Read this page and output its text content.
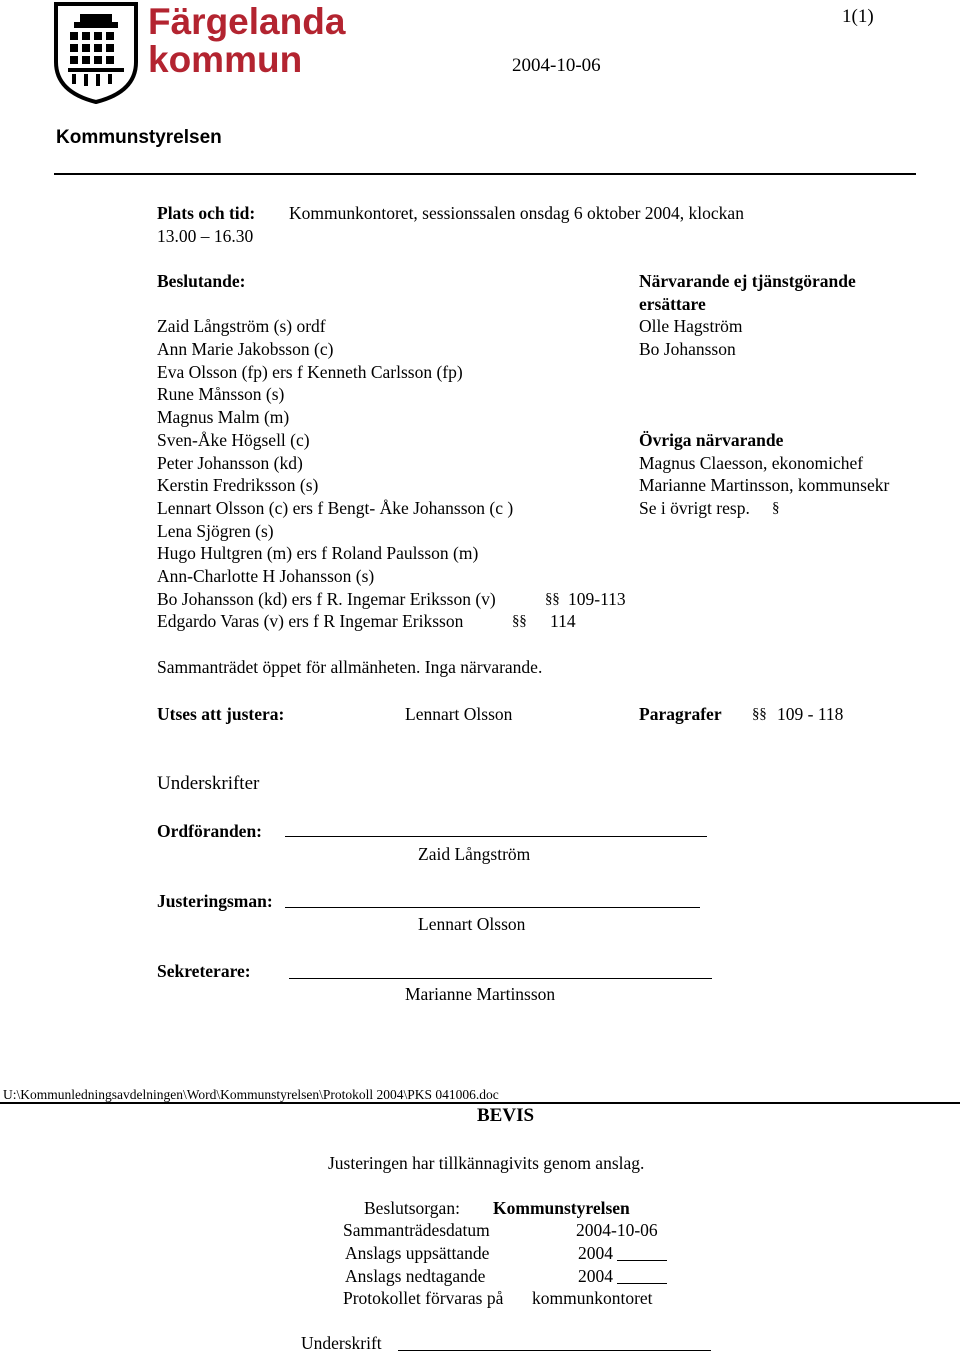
Färgelanda
kommun
1(1)
2004-10-06
Kommunstyrelsen
Plats och tid: Kommunkontoret, sessionssalen onsdag 6 oktober 2004, klockan
13.00 – 16.30
Beslutande:
Zaid Långström (s) ordf
Ann Marie Jakobsson (c)
Eva Olsson (fp) ers f Kenneth Carlsson (fp)
Rune Månsson (s)
Magnus Malm (m)
Sven-Åke Högsell (c)
Peter Johansson (kd)
Kerstin Fredriksson (s)
Lennart Olsson (c) ers f Bengt- Åke Johansson (c )
Lena Sjögren (s)
Hugo Hultgren (m) ers f Roland Paulsson (m)
Ann-Charlotte H Johansson (s)
Bo Johansson (kd) ers f R. Ingemar Eriksson (v)	§ § 109-113
Edgardo Varas (v) ers f R Ingemar Eriksson	§ § 114
Närvarande ej tjänstgörande
ersättare
Olle Hagström
Bo Johansson
Övriga närvarande
Magnus Claesson, ekonomichef
Marianne Martinsson, kommunsekr
Se i övrigt resp. §
Sammanträdet öppet för allmänheten. Inga närvarande.
Utses att justera:	Lennart Olsson	Paragrafer § § 109 - 118
Underskrifter
Ordföranden:
Zaid Långström
Justeringsman:
Lennart Olsson
Sekreterare:
Marianne Martinsson
U:\Kommunledningsavdelningen\Word\Kommunstyrelsen\Protokoll 2004\PKS 041006.doc
BEVIS
Justeringen har tillkännagivits genom anslag.
Beslutsorgan: Kommunstyrelsen
Sammanträdesdatum	2004-10-06
Anslags uppsättande	2004
Anslags nedtagande	2004
Protokollet förvaras på kommunkontoret
Underskrift
